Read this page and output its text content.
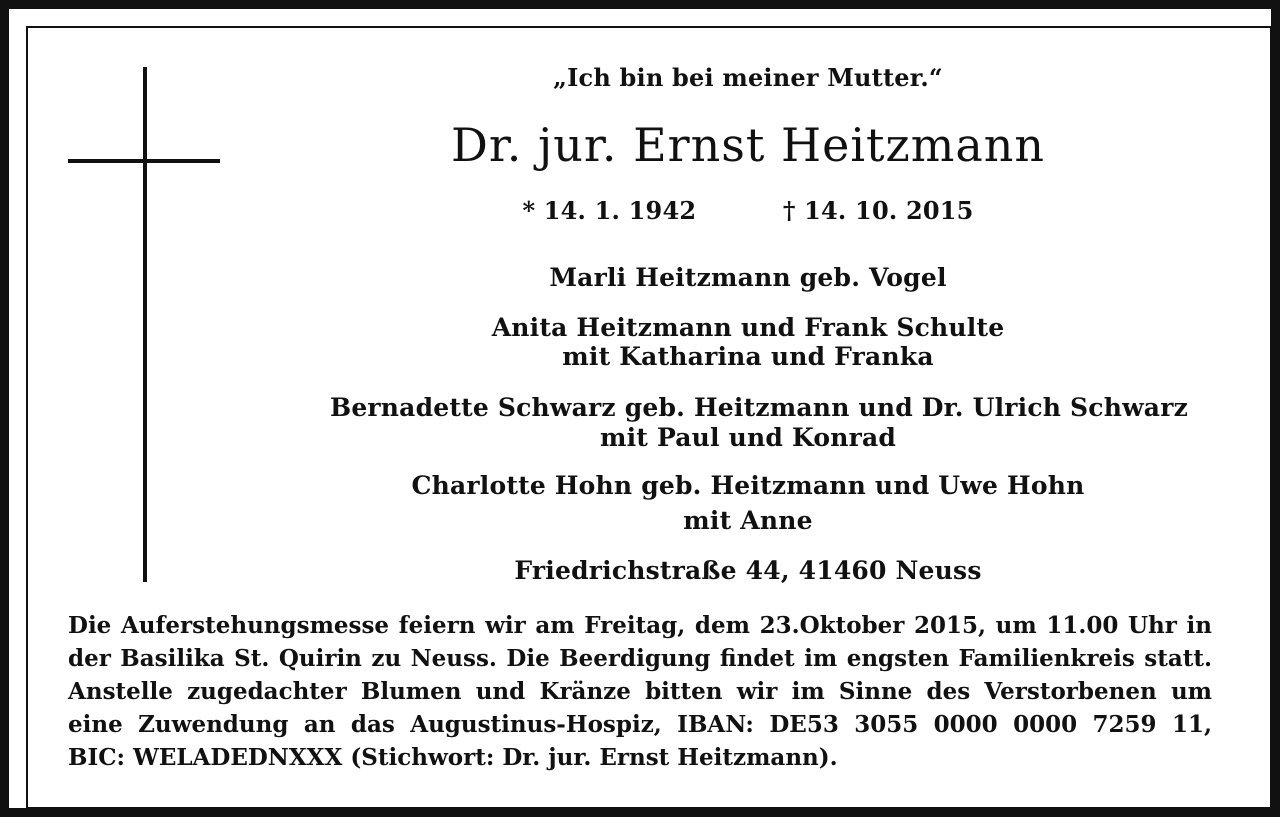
„Ich bin bei meiner Mutter.“
Dr. jur. Ernst Heitzmann
* 14. 1. 1942	† 14. 10. 2015
Marli Heitzmann geb. Vogel
Anita Heitzmann und Frank Schulte
mit Katharina und Franka
Bernadette Schwarz geb. Heitzmann und Dr. Ulrich Schwarz
mit Paul und Konrad
Charlotte Hohn geb. Heitzmann und Uwe Hohn
mit Anne
Friedrichstraße 44, 41460 Neuss
Die Auferstehungsmesse feiern wir am Freitag, dem 23.Oktober 2015, um 11.00 Uhr in
der Basilika St. Quirin zu Neuss. Die Beerdigung findet im engsten Familienkreis statt.
Anstelle zugedachter Blumen und Kränze bitten wir im Sinne des Verstorbenen um
eine Zuwendung an das Augustinus-Hospiz, IBAN: DE53 3055 0000 0000 7259 11,
BIC: WELADEDNXXX (Stichwort: Dr. jur. Ernst Heitzmann).
